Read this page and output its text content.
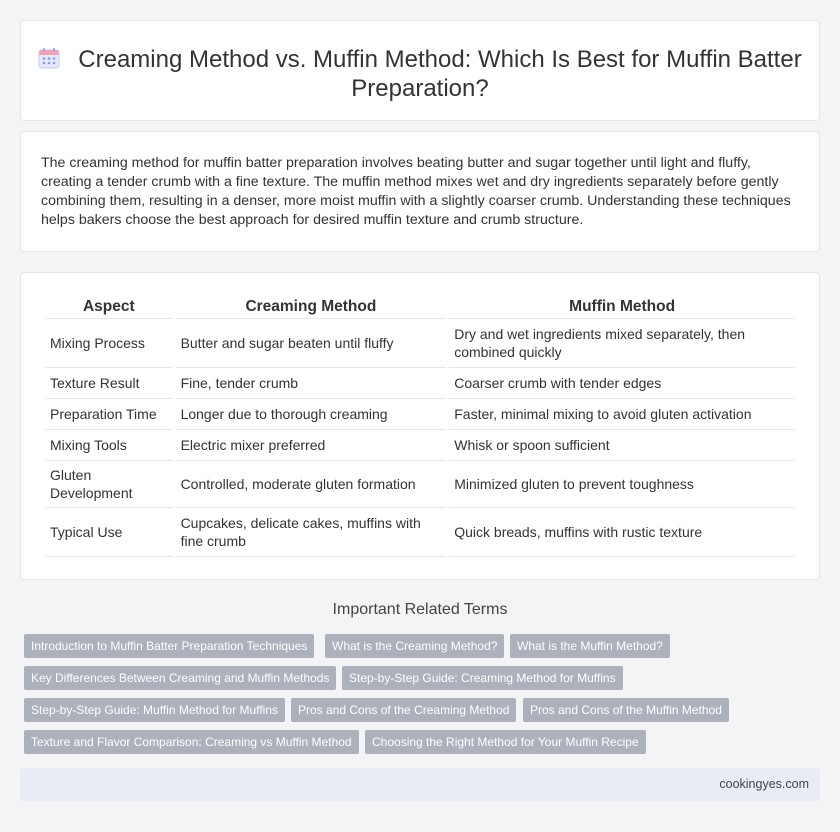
Creaming Method vs. Muffin Method: Which Is Best for Muffin Batter Preparation?

The creaming method for muffin batter preparation involves beating butter and sugar together until light and fluffy, creating a tender crumb with a fine texture. The muffin method mixes wet and dry ingredients separately before gently combining them, resulting in a denser, more moist muffin with a slightly coarser crumb. Understanding these techniques helps bakers choose the best approach for desired muffin texture and crumb structure.

Aspect	Creaming Method	Muffin Method
Mixing Process	Butter and sugar beaten until fluffy	Dry and wet ingredients mixed separately, then combined quickly
Texture Result	Fine, tender crumb	Coarser crumb with tender edges
Preparation Time	Longer due to thorough creaming	Faster, minimal mixing to avoid gluten activation
Mixing Tools	Electric mixer preferred	Whisk or spoon sufficient
Gluten Development	Controlled, moderate gluten formation	Minimized gluten to prevent toughness
Typical Use	Cupcakes, delicate cakes, muffins with fine crumb	Quick breads, muffins with rustic texture
Important Related Terms
Introduction to Muffin Batter Preparation Techniques	What is the Creaming Method?	What is the Muffin Method?
Key Differences Between Creaming and Muffin Methods	Step-by-Step Guide: Creaming Method for Muffins
Step-by-Step Guide: Muffin Method for Muffins	Pros and Cons of the Creaming Method	Pros and Cons of the Muffin Method
Texture and Flavor Comparison: Creaming vs Muffin Method	Choosing the Right Method for Your Muffin Recipe
cookingyes.com
